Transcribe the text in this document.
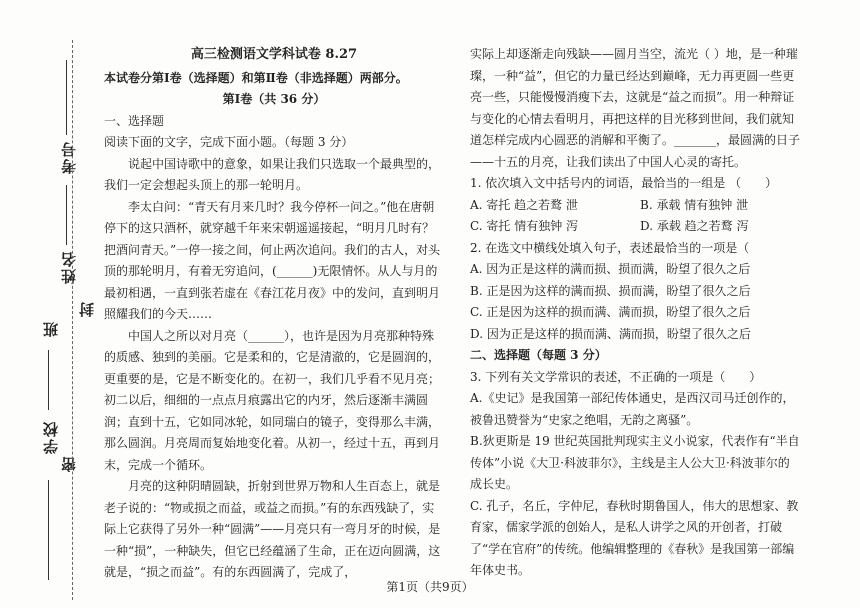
考号
姓名
班
封
学校
密

高三检测语文学科试卷 8.27

本试卷分第Ⅰ卷（选择题）和第Ⅱ卷（非选择题）两部分。

第Ⅰ卷（共 36 分）

一、选择题

阅读下面的文字，完成下面小题。（每题 3 分）

说起中国诗歌中的意象，如果让我们只选取一个最典型的，我们一定会想起头顶上的那一轮明月。

李太白问：“青天有月来几时？我今停杯一问之。”他在唐朝停下的这只酒杯，就穿越千年来宋朝遥遥接起，“明月几时有？把酒问青天。”一停一接之间，何止两次追问。我们的古人，对头顶的那轮明月，有着无穷追问，(______)无限情怀。从人与月的最初相遇，一直到张若虚在《春江花月夜》中的发问，直到明月照耀我们的今天……

中国人之所以对月亮（______），也许是因为月亮那种特殊的质感、独到的美丽。它是柔和的，它是清澈的，它是圆润的，更重要的是，它是不断变化的。在初一，我们几乎看不见月亮；初二以后，细细的一点点月痕露出它的内牙，然后逐渐丰满圆润；直到十五，它如同冰轮，如同瑞白的镜子，变得那么丰满，那么圆润。月亮周而复始地变化着。从初一，经过十五，再到月末，完成一个循环。

月亮的这种阴晴圆缺，折射到世界万物和人生百态上，就是老子说的：“物或损之而益，或益之而损。”有的东西残缺了，实际上它获得了另外一种“圆满”——月亮只有一弯月牙的时候，是一种“损”，一种缺失，但它已经蕴涵了生命，正在迈向圆满，这就是，“损之而益”。有的东西圆满了，完成了，

实际上却逐渐走向残缺——圆月当空，流光（ ）地，是一种璀璨，一种“益”，但它的力量已经达到巅峰，无力再更圆一些更亮一些，只能慢慢消瘦下去，这就是“益之而损”。用一种辩证与变化的心情去看明月，再把这样的目光移到世间，我们就知道怎样完成内心圆恶的消解和平衡了。_______，最圆满的日子——十五的月亮，让我们读出了中国人心灵的寄托。

1. 依次填入文中括号内的词语，最恰当的一组是 （　　）

A. 寄托 趋之若鹜 泄	B. 承载 情有独钟 泄
C. 寄托 情有独钟 泻	D. 承载 趋之若鹜 泻

2. 在选文中横线处填入句子，表述最恰当的一项是（

A. 因为正是这样的满而损、损而满，盼望了很久之后

B. 正是因为这样的满而损、损而满，盼望了很久之后

C. 正是因为这样的损而满、满而损，盼望了很久之后

D. 因为正是这样的损而满、满而损，盼望了很久之后

二、选择题（每题 3 分）

3. 下列有关文学常识的表述，不正确的一项是（　　）

A.《史记》是我国第一部纪传体通史，是西汉司马迁创作的，被鲁迅赞誉为“史家之绝唱，无韵之离骚”。

B.狄更斯是 19 世纪英国批判现实主义小说家，代表作有“半自传体”小说《大卫·科波菲尔》，主线是主人公大卫·科波菲尔的成长史。

C. 孔子，名丘，字仲尼，春秋时期鲁国人，伟大的思想家、教育家，儒家学派的创始人，是私人讲学之风的开创者，打破了“学在官府”的传统。他编辑整理的《春秋》是我国第一部编年体史书。

第1页（共9页）
